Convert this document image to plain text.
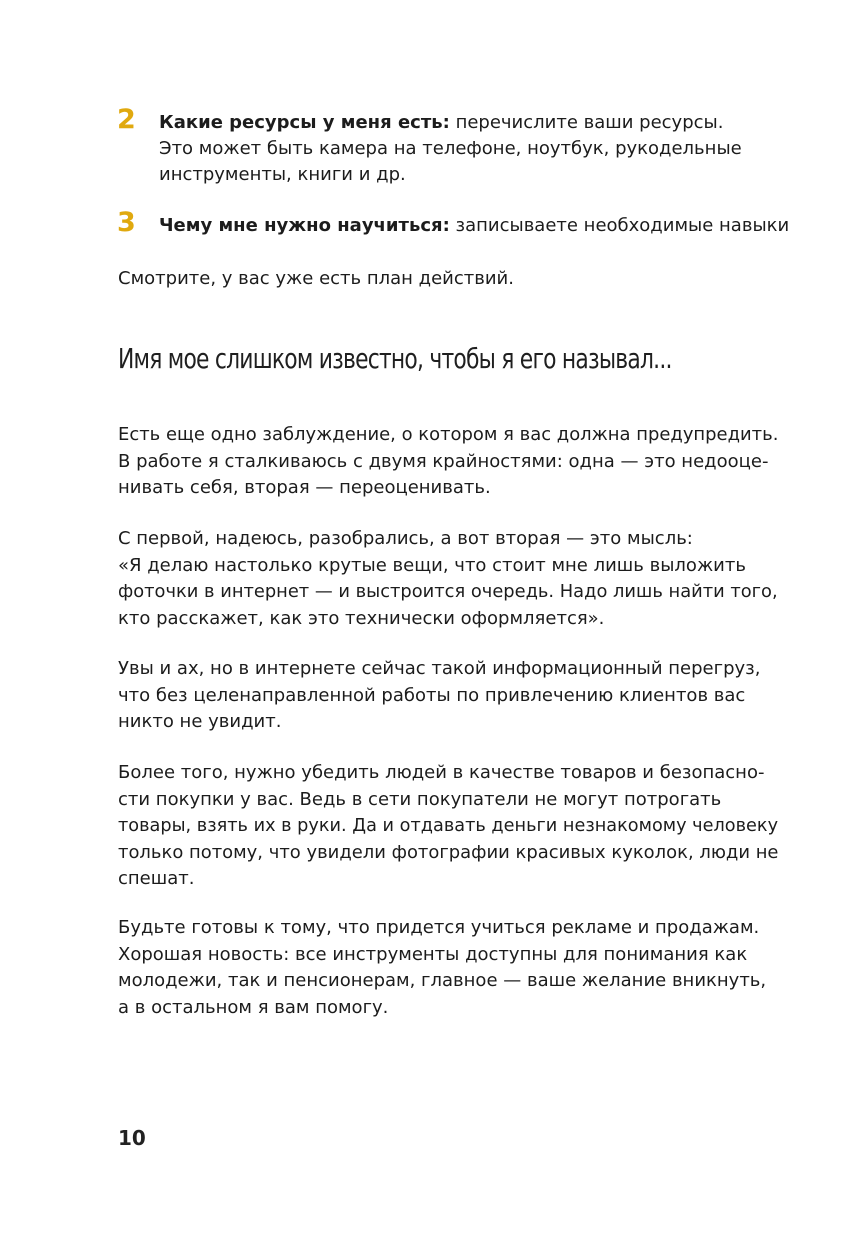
2 Какие ресурсы у меня есть: перечислите ваши ресурсы.
Это может быть камера на телефоне, ноутбук, рукодельные
инструменты, книги и др.
3 Чему мне нужно научиться: записываете необходимые навыки
Смотрите, у вас уже есть план действий.
Имя мое слишком известно, чтобы я его называл...
Есть еще одно заблуждение, о котором я вас должна предупредить.
В работе я сталкиваюсь с двумя крайностями: одна — это недооце-
нивать себя, вторая — переоценивать.
С первой, надеюсь, разобрались, а вот вторая — это мысль:
«Я делаю настолько крутые вещи, что стоит мне лишь выложить
фоточки в интернет — и выстроится очередь. Надо лишь найти того,
кто расскажет, как это технически оформляется».
Увы и ах, но в интернете сейчас такой информационный перегруз,
что без целенаправленной работы по привлечению клиентов вас
никто не увидит.
Более того, нужно убедить людей в качестве товаров и безопасно-
сти покупки у вас. Ведь в сети покупатели не могут потрогать
товары, взять их в руки. Да и отдавать деньги незнакомому человеку
только потому, что увидели фотографии красивых куколок, люди не
спешат.
Будьте готовы к тому, что придется учиться рекламе и продажам.
Хорошая новость: все инструменты доступны для понимания как
молодежи, так и пенсионерам, главное — ваше желание вникнуть,
а в остальном я вам помогу.
10
